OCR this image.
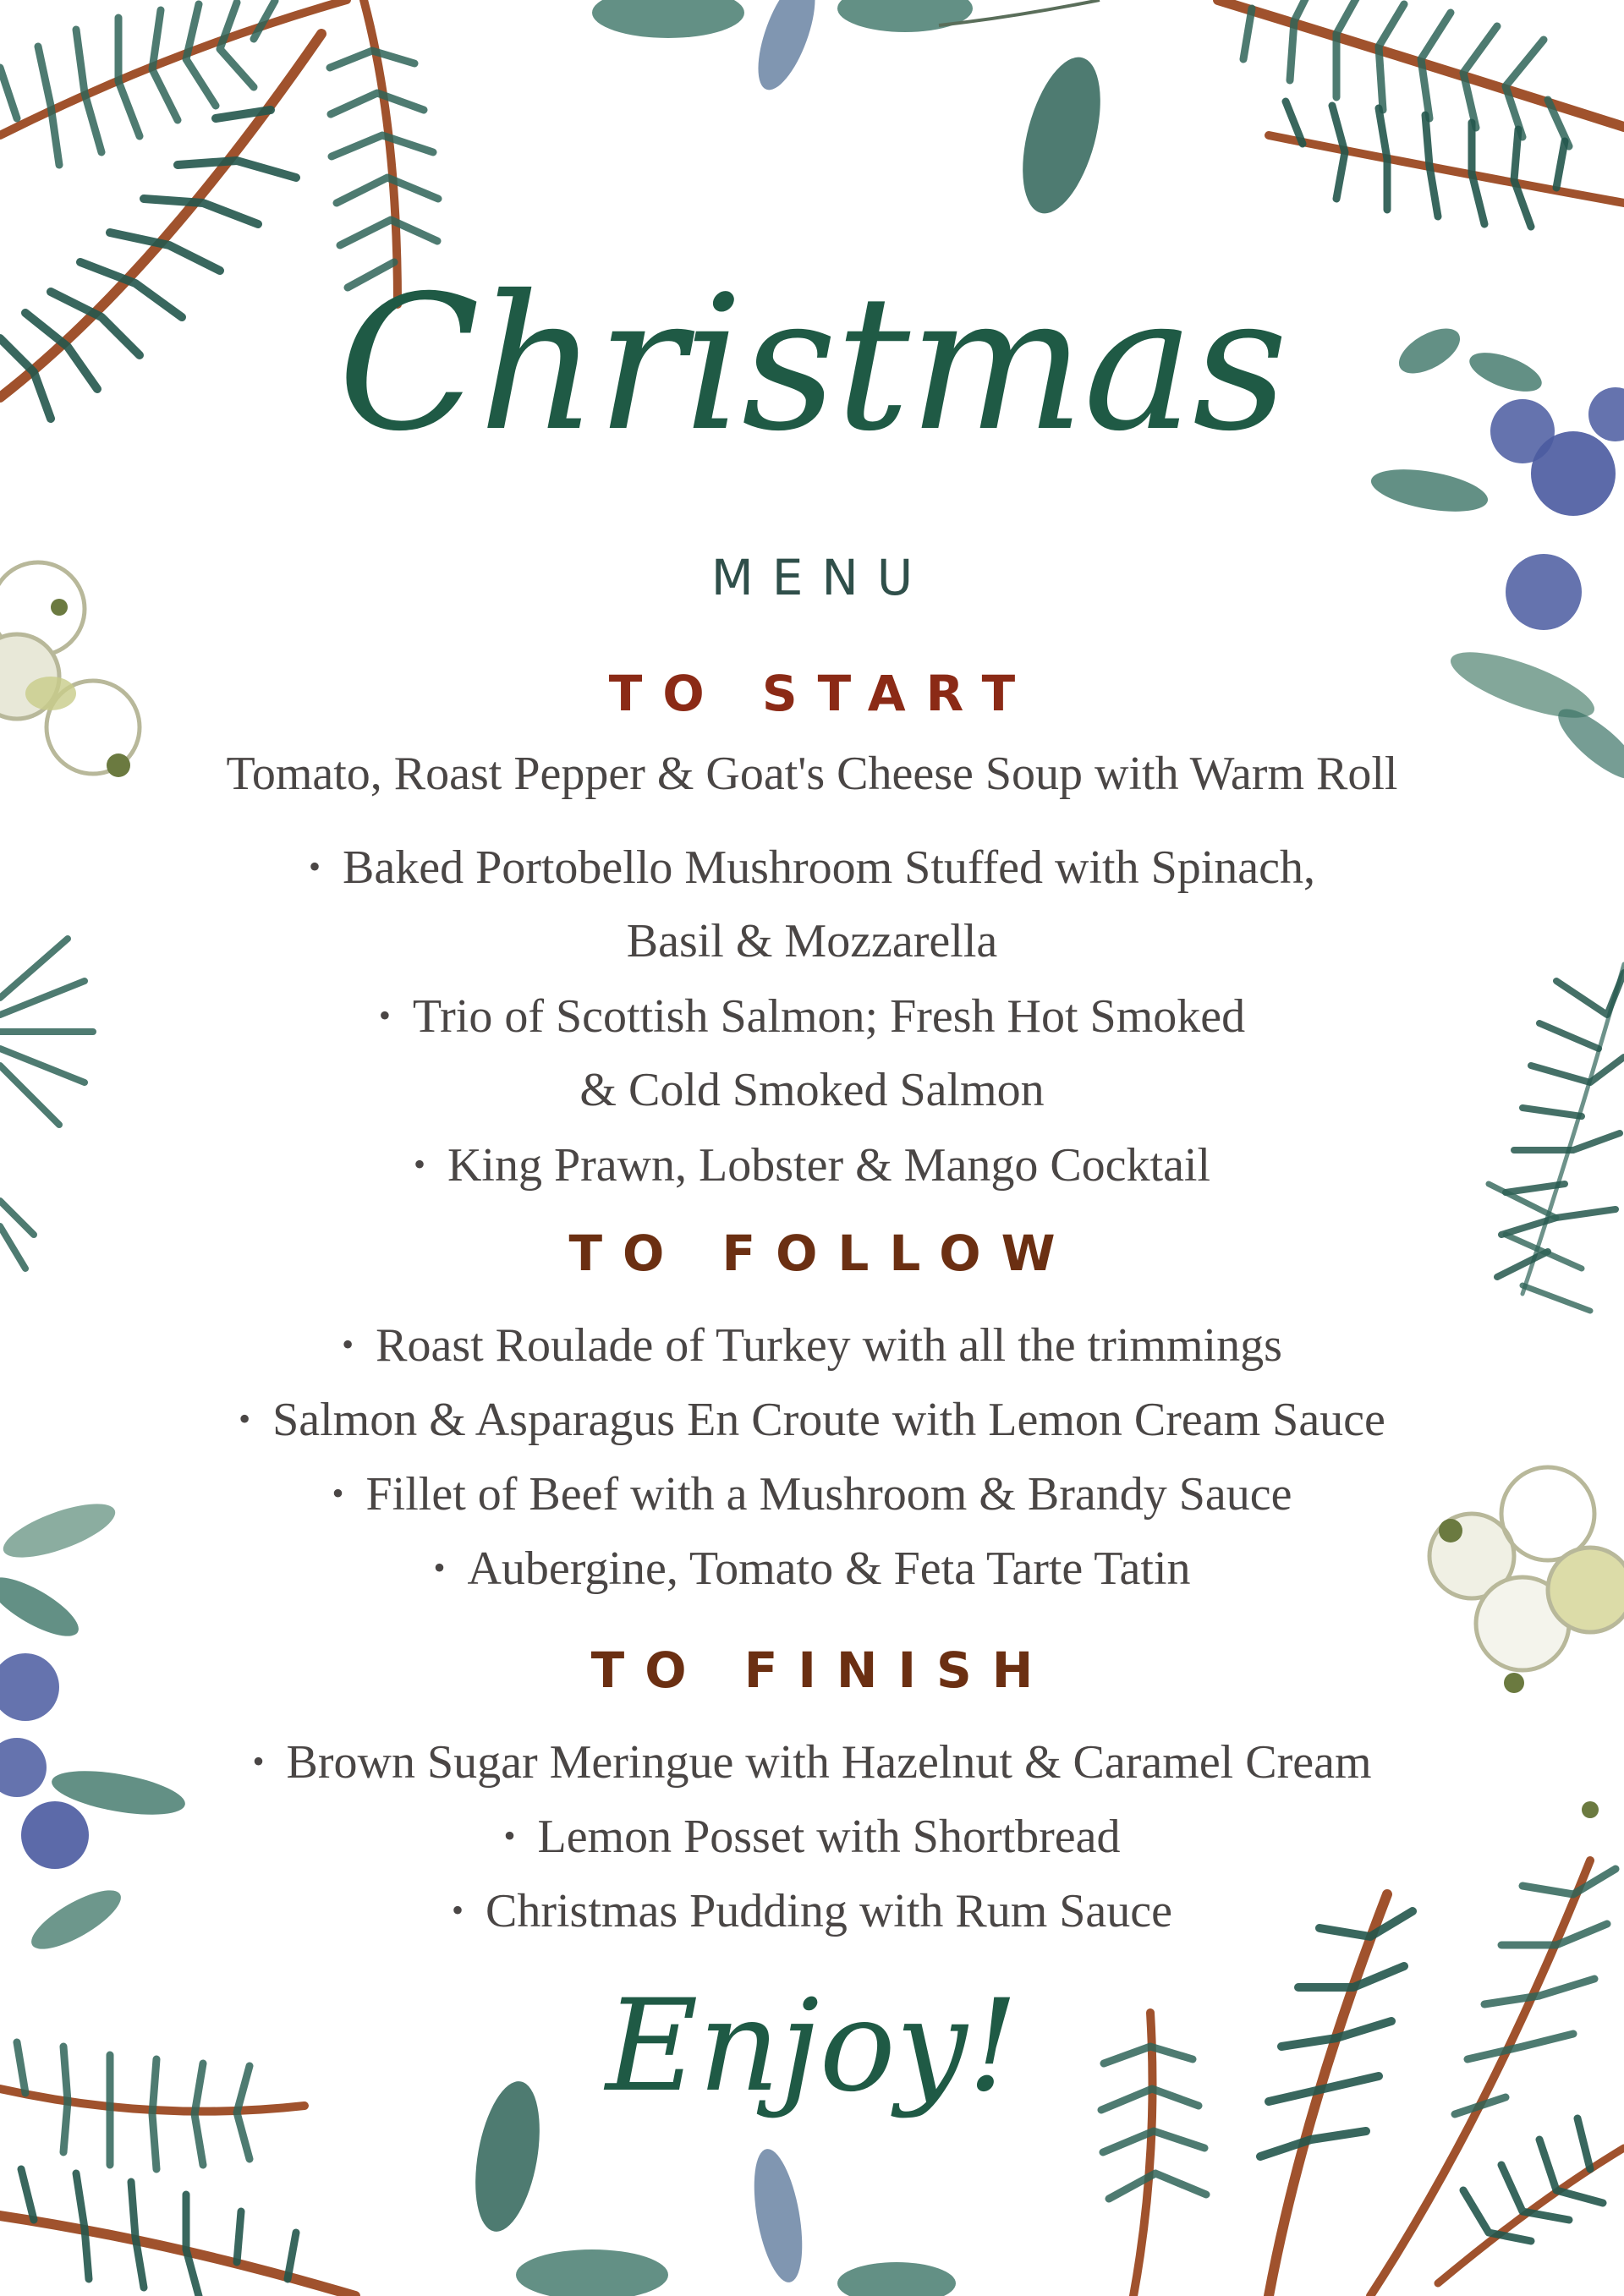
Christmas
MENU
TO START
Tomato, Roast Pepper & Goat's Cheese Soup with Warm Roll
• Baked Portobello Mushroom Stuffed with Spinach,
Basil & Mozzarella
• Trio of Scottish Salmon; Fresh Hot Smoked
& Cold Smoked Salmon
• King Prawn, Lobster & Mango Cocktail
TO FOLLOW
• Roast Roulade of Turkey with all the trimmings
• Salmon & Asparagus En Croute with Lemon Cream Sauce
• Fillet of Beef with a Mushroom & Brandy Sauce
• Aubergine, Tomato & Feta Tarte Tatin
TO FINISH
• Brown Sugar Meringue with Hazelnut & Caramel Cream
• Lemon Posset with Shortbread
• Christmas Pudding with Rum Sauce
Enjoy!
